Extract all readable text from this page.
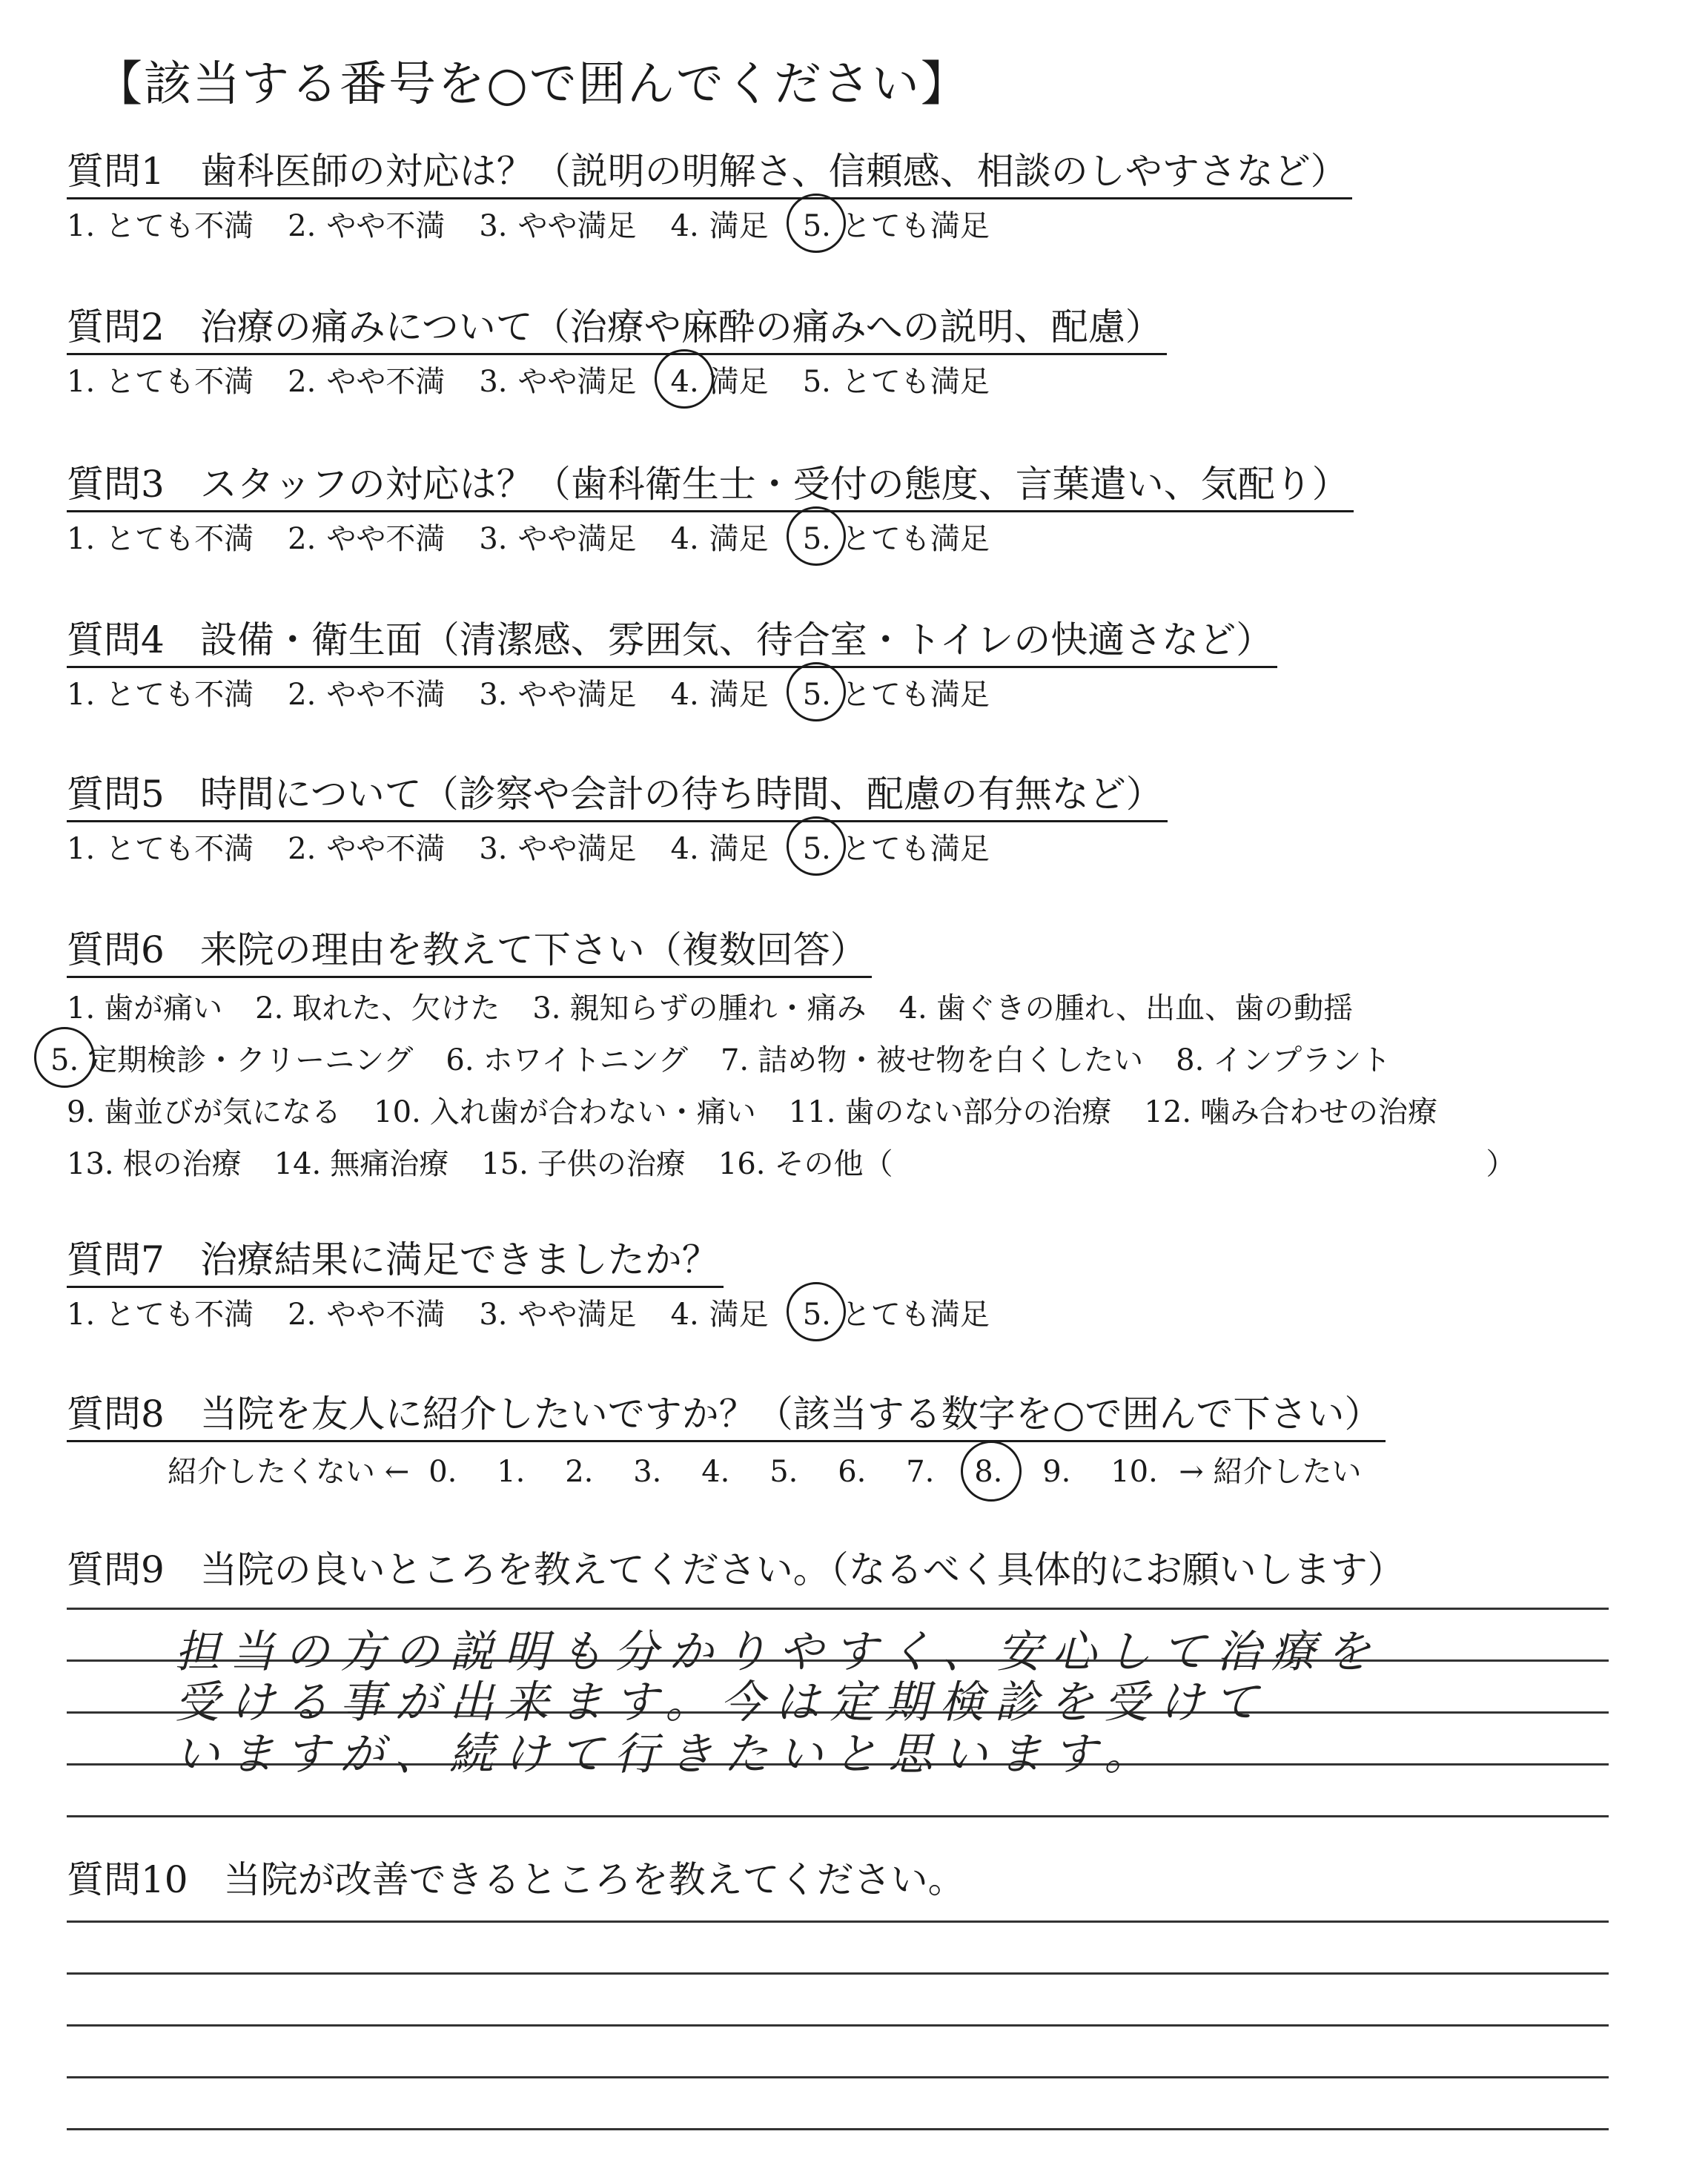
【該当する番号を○で囲んでください】
質問1 歯科医師の対応は？（説明の明解さ、信頼感、相談のしやすさなど）
1. とても不満 2. やや不満 3. やや満足 4. 満足 5. とても満足
質問2 治療の痛みについて（治療や麻酔の痛みへの説明、配慮）
1. とても不満 2. やや不満 3. やや満足 4. 満足 5. とても満足
質問3 スタッフの対応は？（歯科衛生士・受付の態度、言葉遣い、気配り）
1. とても不満 2. やや不満 3. やや満足 4. 満足 5. とても満足
質問4 設備・衛生面（清潔感、雰囲気、待合室・トイレの快適さなど）
1. とても不満 2. やや不満 3. やや満足 4. 満足 5. とても満足
質問5 時間について（診察や会計の待ち時間、配慮の有無など）
1. とても不満 2. やや不満 3. やや満足 4. 満足 5. とても満足
質問6 来院の理由を教えて下さい（複数回答）
1. 歯が痛い 2. 取れた、欠けた 3. 親知らずの腫れ・痛み 4. 歯ぐきの腫れ、出血、歯の動揺
5. 定期検診・クリーニング 6. ホワイトニング 7. 詰め物・被せ物を白くしたい 8. インプラント
9. 歯並びが気になる 10. 入れ歯が合わない・痛い 11. 歯のない部分の治療 12. 噛み合わせの治療
13. 根の治療 14. 無痛治療 15. 子供の治療 16. その他（	）
質問7 治療結果に満足できましたか？
1. とても不満 2. やや不満 3. やや満足 4. 満足 5. とても満足
質問8 当院を友人に紹介したいですか？（該当する数字を○で囲んで下さい）
紹介したくない ← 0. 1. 2. 3. 4. 5. 6. 7. 8. 9. 10. → 紹介したい
質問9 当院の良いところを教えてください。（なるべく具体的にお願いします）
担当の方の説明も分かりやすく、安心して治療を
受ける事が出来ます。今は定期検診を受けて
いますが、続けて行きたいと思います。
質問10 当院が改善できるところを教えてください。
